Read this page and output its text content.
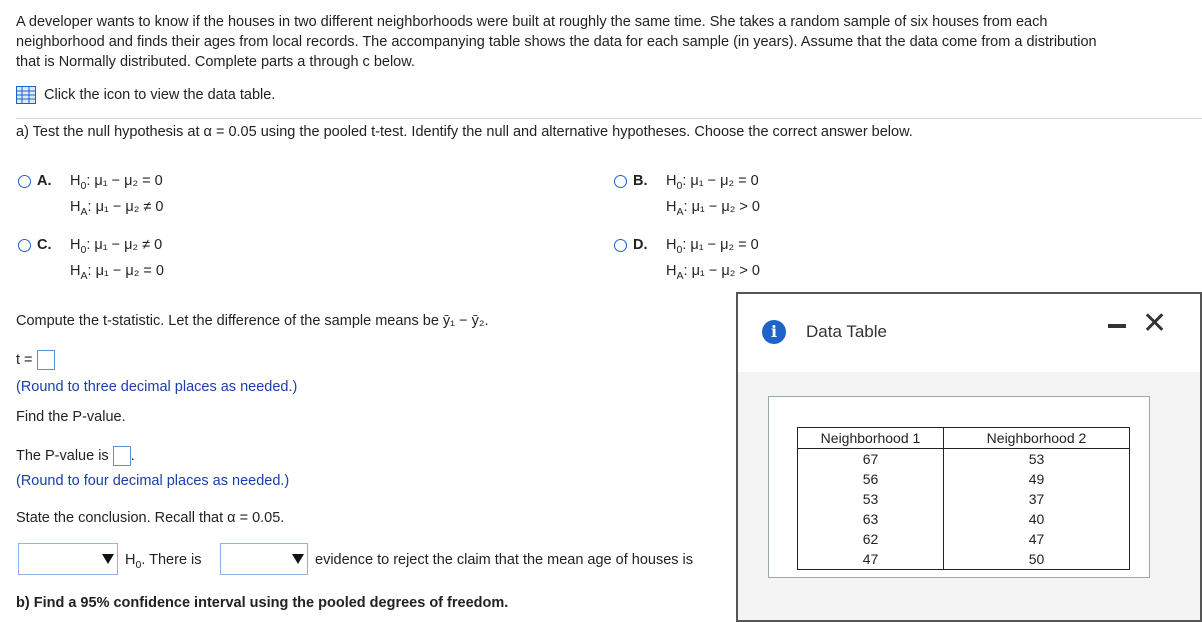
A developer wants to know if the houses in two different neighborhoods were built at roughly the same time. She takes a random sample of six houses from each

neighborhood and finds their ages from local records. The accompanying table shows the data for each sample (in years). Assume that the data come from a distribution

that is Normally distributed. Complete parts a through c below.

Click the icon to view the data table.
a) Test the null hypothesis at α = 0.05 using the pooled t-test. Identify the null and alternative hypotheses. Choose the correct answer below.
A.	$H_0$: μ₁ − μ₂ = 0
$H_A$: μ₁ − μ₂ ≠ 0
B.	$H_0$: μ₁ − μ₂ = 0
$H_A$: μ₁ − μ₂ > 0
C.	$H_0$: μ₁ − μ₂ ≠ 0
$H_A$: μ₁ − μ₂ = 0
D.	$H_0$: μ₁ − μ₂ = 0
$H_A$: μ₁ − μ₂ > 0
Compute the t-statistic. Let the difference of the sample means be ȳ₁ − ȳ₂.
t =
(Round to three decimal places as needed.)
Find the P-value.
The P-value is .
(Round to four decimal places as needed.)
State the conclusion. Recall that α = 0.05.
$H_0$. There is	evidence to reject the claim that the mean age of houses is
b) Find a 95% confidence interval using the pooled degrees of freedom.
i	Data Table	✕
Neighborhood 1	Neighborhood 2
67	53
56	49
53	37
63	40
62	47
47	50
